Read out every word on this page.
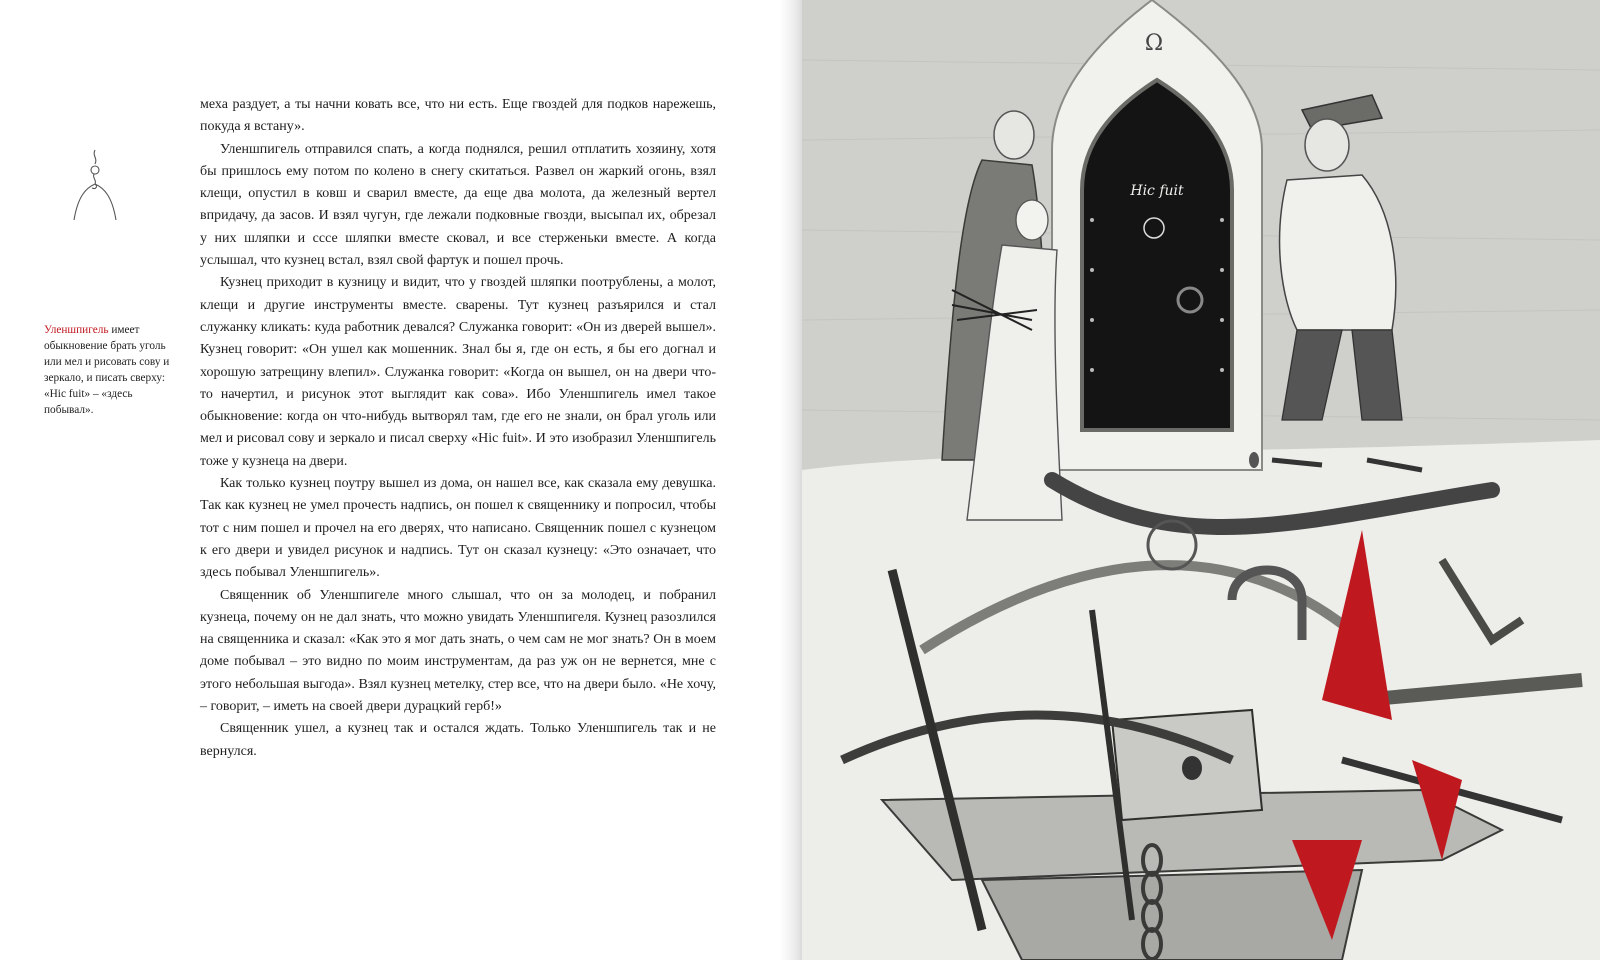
Уленшпигель имеет обыкновение брать уголь или мел и рисовать сову и зеркало, и писать сверху: «Hic fuit» – «здесь побывал».

меха раздует, а ты начни ковать все, что ни есть. Еще гвоздей для подков нарежешь, покуда я встану».

Уленшпигель отправился спать, а когда поднялся, решил отплатить хозяину, хотя бы пришлось ему потом по колено в снегу скитаться. Развел он жаркий огонь, взял клещи, опустил в ковш и сварил вместе, да еще два молота, да железный вертел впридачу, да засов. И взял чугун, где лежали подковные гвозди, высыпал их, обрезал у них шляпки и сссе шляпки вместе сковал, и все стерженьки вместе. А когда услышал, что кузнец встал, взял свой фартук и пошел прочь.

Кузнец приходит в кузницу и видит, что у гвоздей шляпки поотрублены, а молот, клещи и другие инструменты вместе. сварены. Тут кузнец разъярился и стал служанку кликать: куда работник девался? Служанка говорит: «Он из дверей вышел». Кузнец говорит: «Он ушел как мошенник. Знал бы я, где он есть, я бы его догнал и хорошую затрещину влепил». Служанка говорит: «Когда он вышел, он на двери что-то начертил, и рисунок этот выглядит как сова». Ибо Уленшпигель имел такое обыкновение: когда он что-нибудь вытворял там, где его не знали, он брал уголь или мел и рисовал сову и зеркало и писал сверху «Hic fuit». И это изобразил Уленшпигель тоже у кузнеца на двери.

Как только кузнец поутру вышел из дома, он нашел все, как сказала ему девушка. Так как кузнец не умел прочесть надпись, он пошел к священнику и попросил, чтобы тот с ним пошел и прочел на его дверях, что написано. Священник пошел с кузнецом к его двери и увидел рисунок и надпись. Тут он сказал кузнецу: «Это означает, что здесь побывал Уленшпигель».

Священник об Уленшпигеле много слышал, что он за молодец, и побранил кузнеца, почему он не дал знать, что можно увидать Уленшпигеля. Кузнец разозлился на священника и сказал: «Как это я мог дать знать, о чем сам не мог знать? Он в моем доме побывал – это видно по моим инструментам, да раз уж он не вернется, мне с этого небольшая выгода». Взял кузнец метелку, стер все, что на двери было. «Не хочу, – говорит, – иметь на своей двери дурацкий герб!»

Священник ушел, а кузнец так и остался ждать. Только Уленшпигель так и не вернулся.

Ω
Hic fuit
